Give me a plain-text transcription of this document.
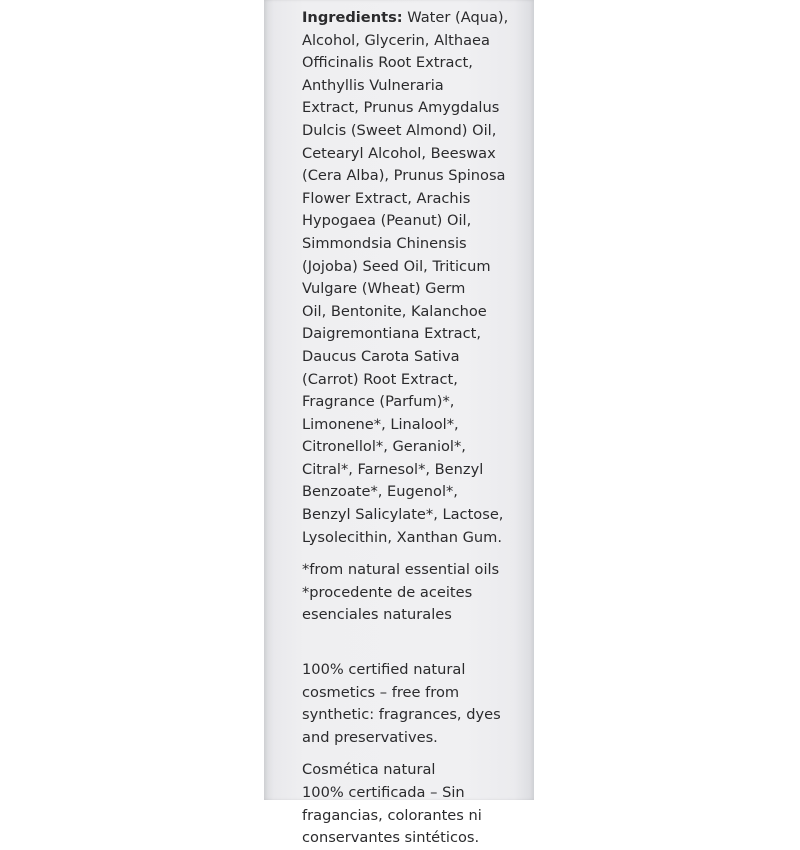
Ingredients: Water (Aqua),

Alcohol, Glycerin, Althaea

Officinalis Root Extract,

Anthyllis Vulneraria

Extract, Prunus Amygdalus

Dulcis (Sweet Almond) Oil,

Cetearyl Alcohol, Beeswax

(Cera Alba), Prunus Spinosa

Flower Extract, Arachis

Hypogaea (Peanut) Oil,

Simmondsia Chinensis

(Jojoba) Seed Oil, Triticum

Vulgare (Wheat) Germ

Oil, Bentonite, Kalanchoe

Daigremontiana Extract,

Daucus Carota Sativa

(Carrot) Root Extract,

Fragrance (Parfum)*,

Limonene*, Linalool*,

Citronellol*, Geraniol*,

Citral*, Farnesol*, Benzyl

Benzoate*, Eugenol*,

Benzyl Salicylate*, Lactose,

Lysolecithin, Xanthan Gum.

*from natural essential oils

*procedente de aceites

esenciales naturales

100% certified natural

cosmetics – free from

synthetic: fragrances, dyes

and preservatives.

Cosmética natural

100% certificada – Sin

fragancias, colorantes ni

conservantes sintéticos.
